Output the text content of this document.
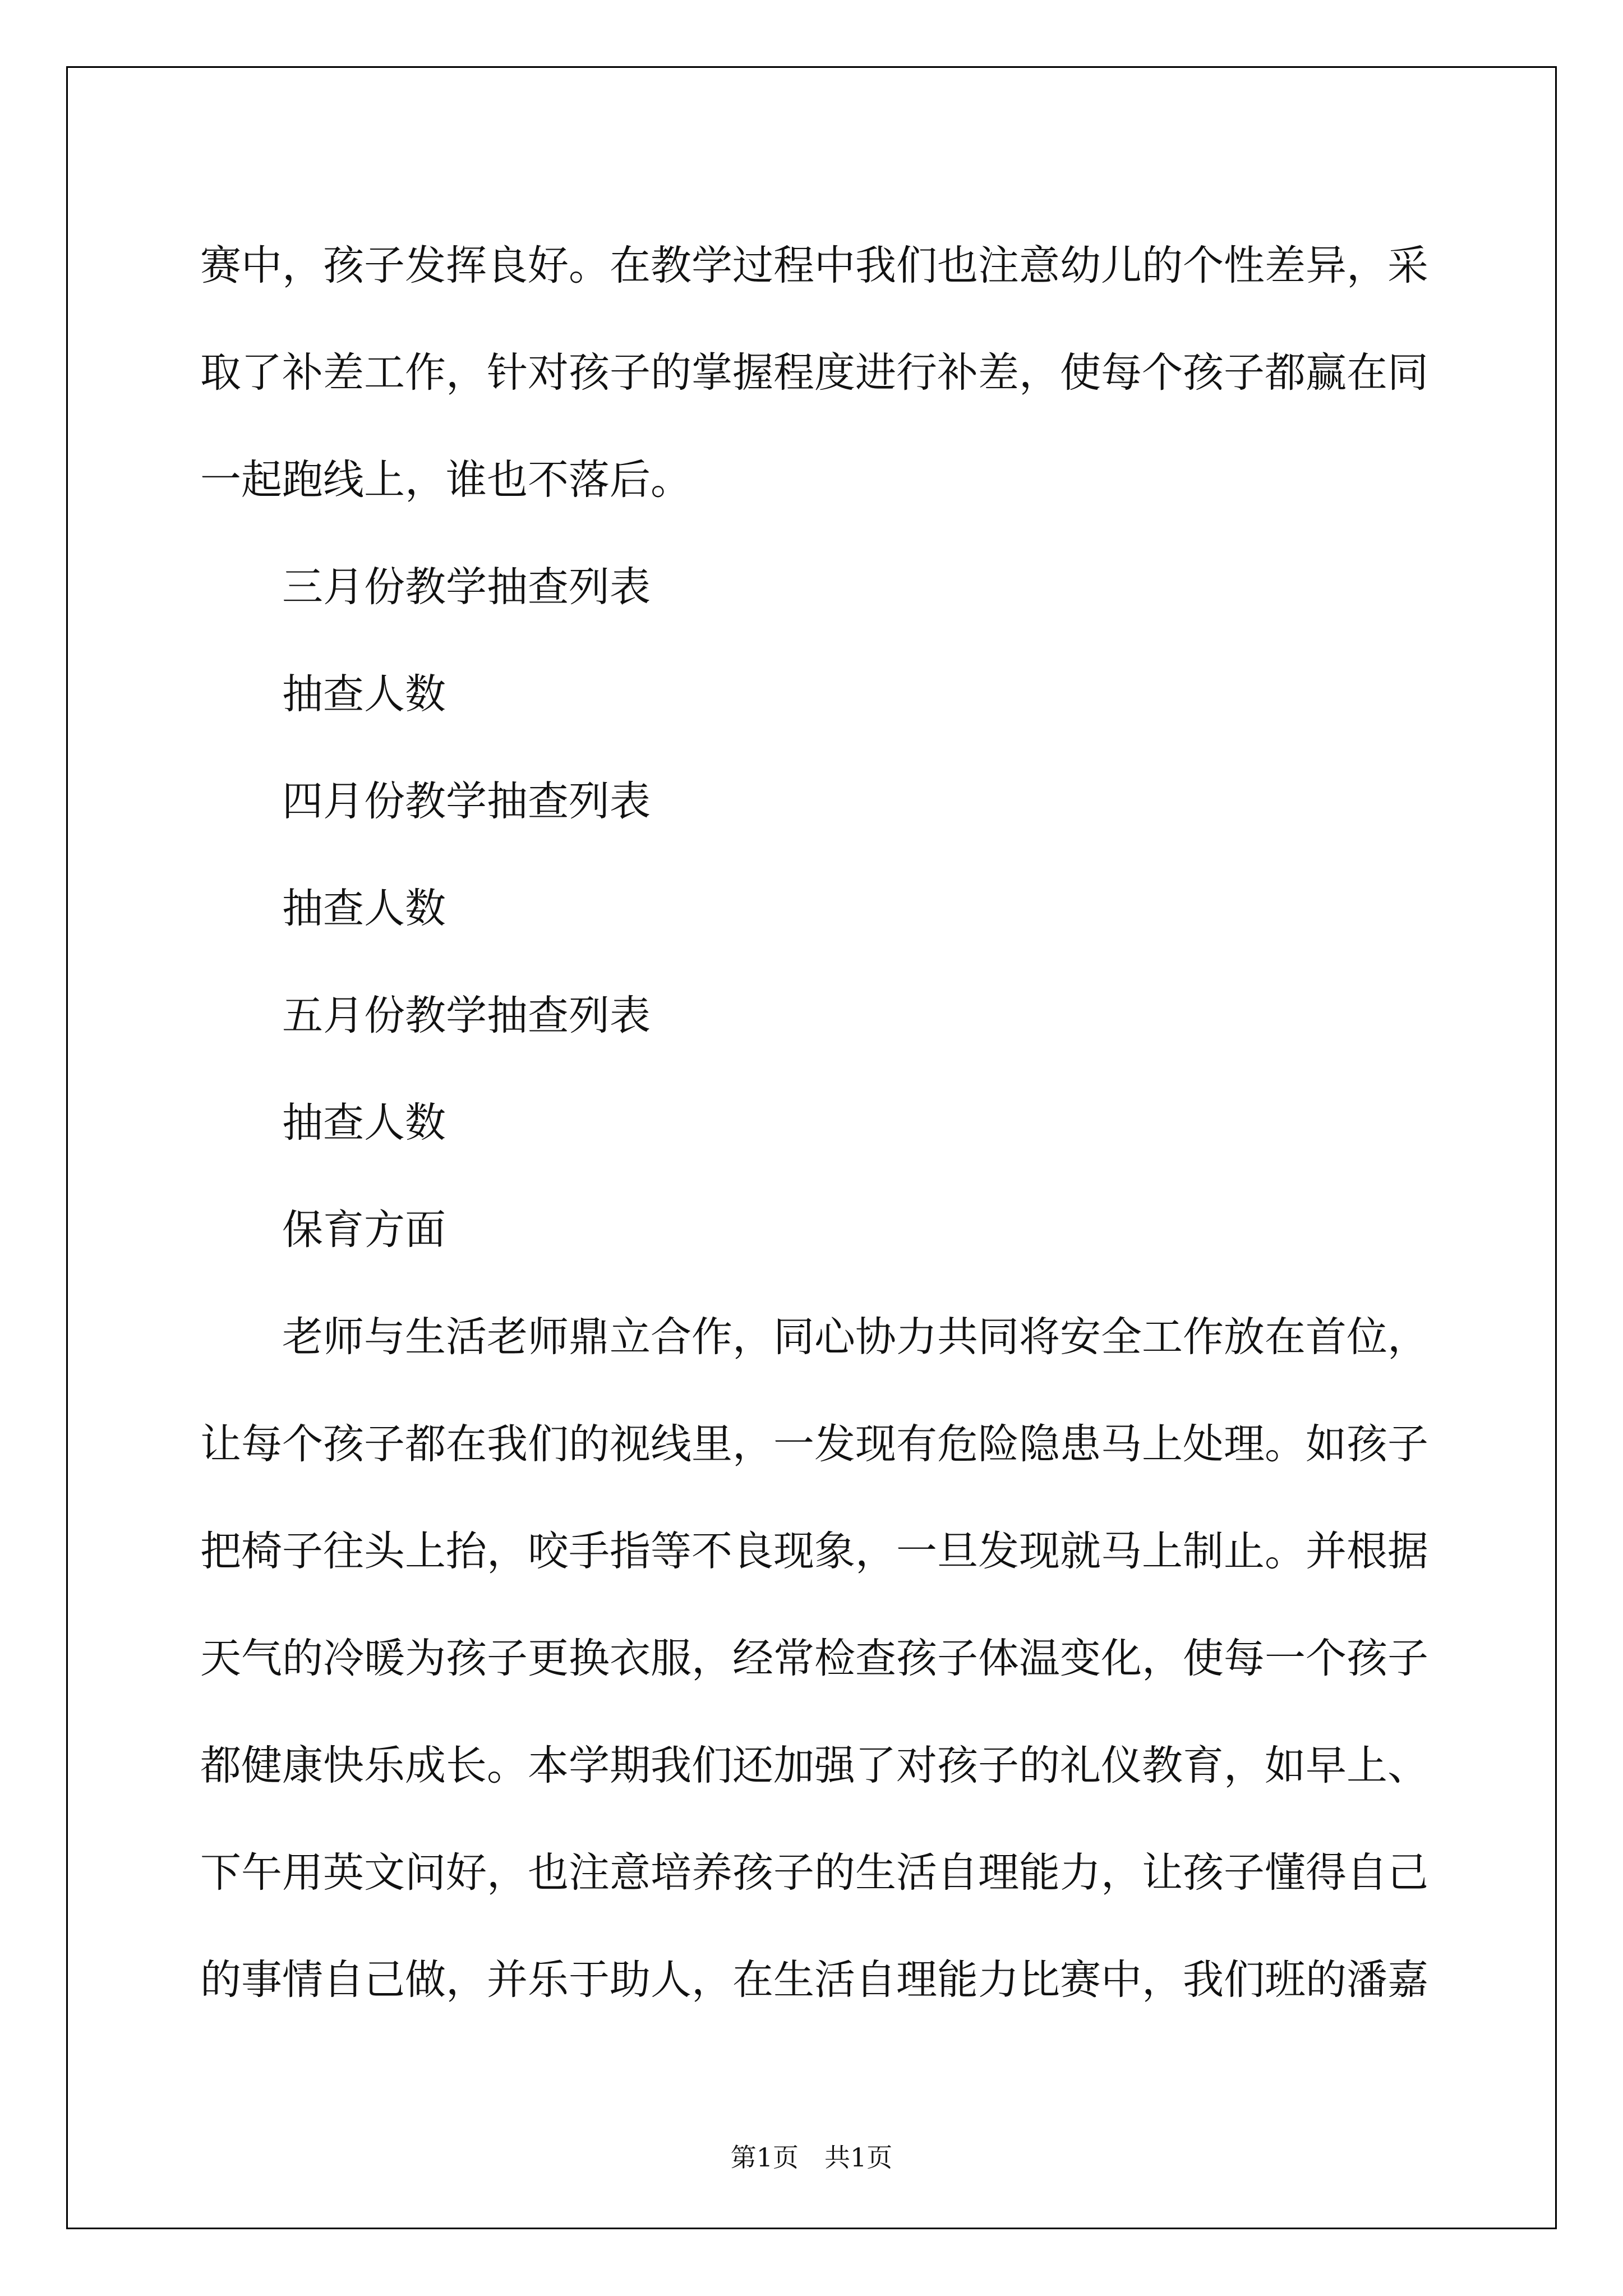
赛中，孩子发挥良好。在教学过程中我们也注意幼儿的个性差异，采
取了补差工作，针对孩子的掌握程度进行补差，使每个孩子都赢在同
一起跑线上，谁也不落后。
三月份教学抽查列表
抽查人数
四月份教学抽查列表
抽查人数
五月份教学抽查列表
抽查人数
保育方面
老师与生活老师鼎立合作，同心协力共同将安全工作放在首位，
让每个孩子都在我们的视线里，一发现有危险隐患马上处理。如孩子
把椅子往头上抬，咬手指等不良现象，一旦发现就马上制止。并根据
天气的冷暖为孩子更换衣服，经常检查孩子体温变化，使每一个孩子
都健康快乐成长。本学期我们还加强了对孩子的礼仪教育，如早上、
下午用英文问好，也注意培养孩子的生活自理能力，让孩子懂得自己
的事情自己做，并乐于助人，在生活自理能力比赛中，我们班的潘嘉
第1页　共1页
